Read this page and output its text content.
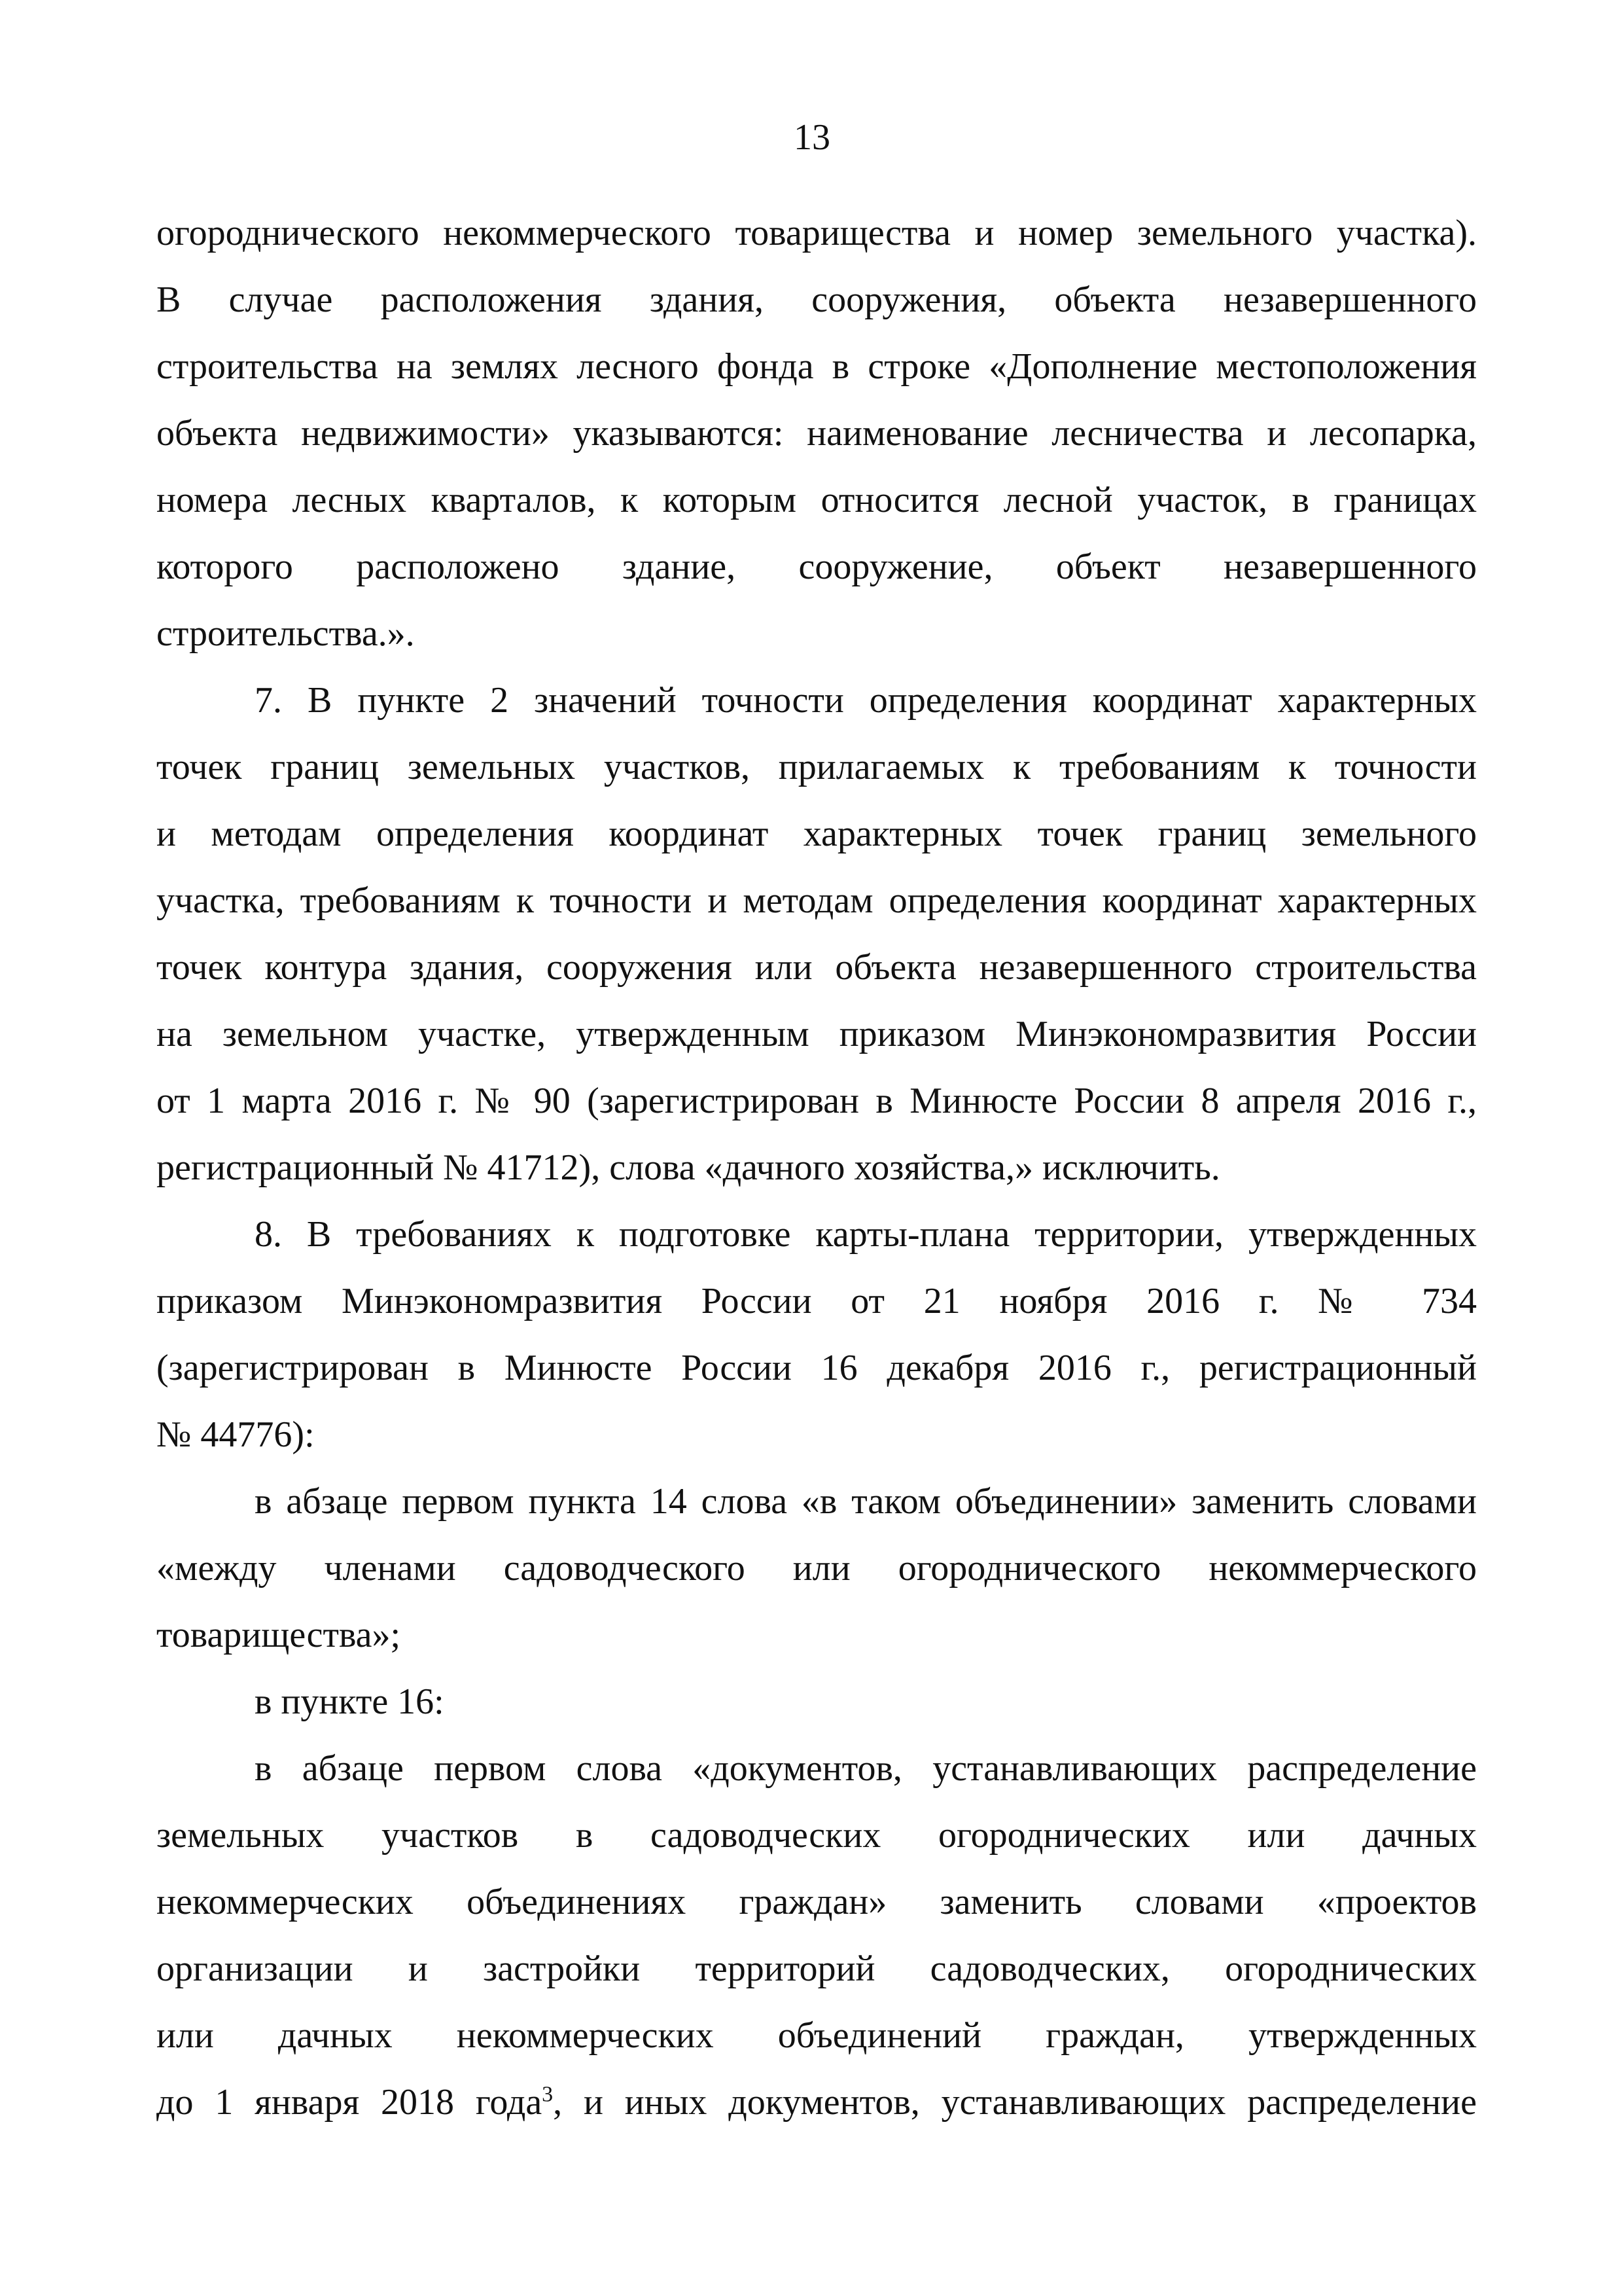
13
огороднического некоммерческого товарищества и номер земельного участка).
В случае расположения здания, сооружения, объекта незавершенного
строительства на землях лесного фонда в строке «Дополнение местоположения
объекта недвижимости» указываются: наименование лесничества и лесопарка,
номера лесных кварталов, к которым относится лесной участок, в границах
которого расположено здание, сооружение, объект незавершенного
строительства.».
7. В пункте 2 значений точности определения координат характерных
точек границ земельных участков, прилагаемых к требованиям к точности
и методам определения координат характерных точек границ земельного
участка, требованиям к точности и методам определения координат характерных
точек контура здания, сооружения или объекта незавершенного строительства
на земельном участке, утвержденным приказом Минэкономразвития России
от 1 марта 2016 г. № 90 (зарегистрирован в Минюсте России 8 апреля 2016 г.,
регистрационный № 41712), слова «дачного хозяйства,» исключить.
8. В требованиях к подготовке карты-плана территории, утвержденных
приказом Минэкономразвития России от 21 ноября 2016 г. № 734
(зарегистрирован в Минюсте России 16 декабря 2016 г., регистрационный
№ 44776):
в абзаце первом пункта 14 слова «в таком объединении» заменить словами
«между членами садоводческого или огороднического некоммерческого
товарищества»;
в пункте 16:
в абзаце первом слова «документов, устанавливающих распределение
земельных участков в садоводческих огороднических или дачных
некоммерческих объединениях граждан» заменить словами «проектов
организации и застройки территорий садоводческих, огороднических
или дачных некоммерческих объединений граждан, утвержденных
до 1 января 2018 года$^3$, и иных документов, устанавливающих распределение
